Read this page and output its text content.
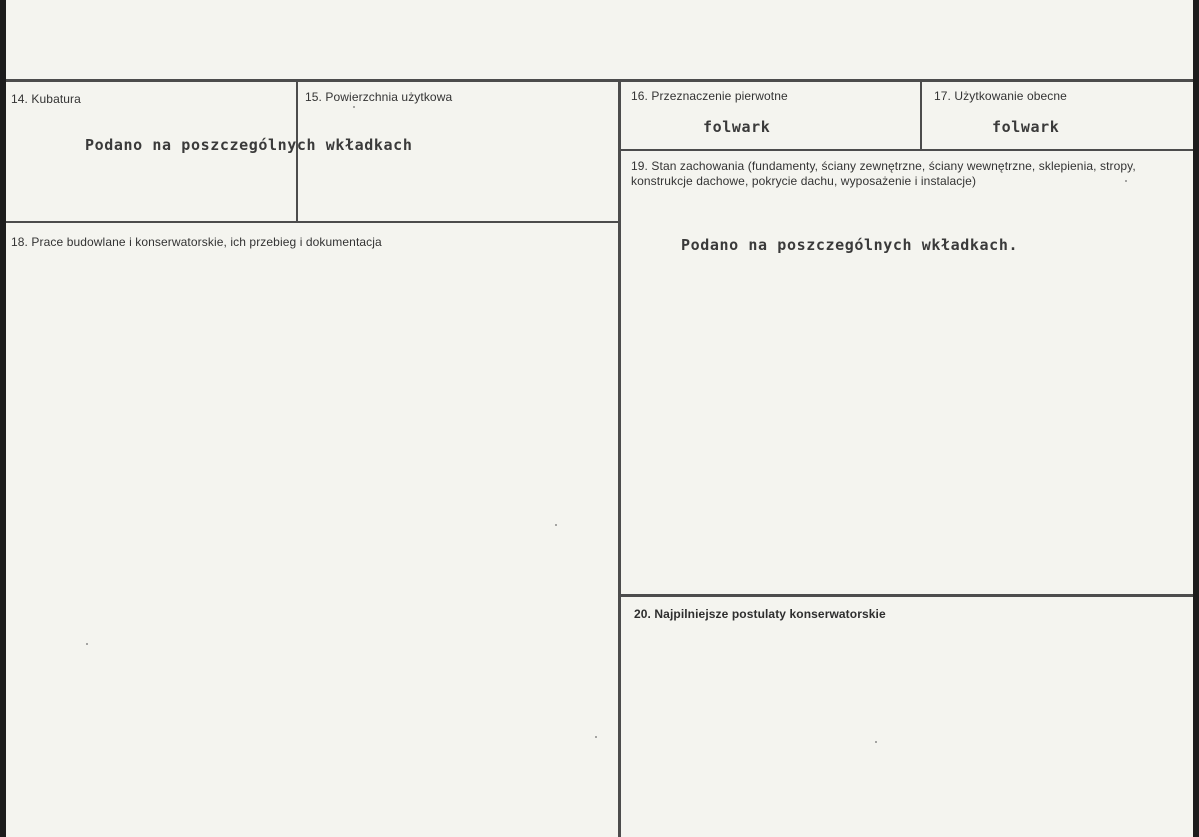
14. Kubatura	15. Powierzchnia użytkowa
Podano na poszczególnych wkładkach
16. Przeznaczenie pierwotne
folwark
17. Użytkowanie obecne
folwark
18. Prace budowlane i konserwatorskie, ich przebieg i dokumentacja
19. Stan zachowania (fundamenty, ściany zewnętrzne, ściany wewnętrzne, sklepienia, stropy, konstrukcje dachowe, pokrycie dachu, wyposażenie i instalacje)
Podano na poszczególnych wkładkach.
20. Najpilniejsze postulaty konserwatorskie
